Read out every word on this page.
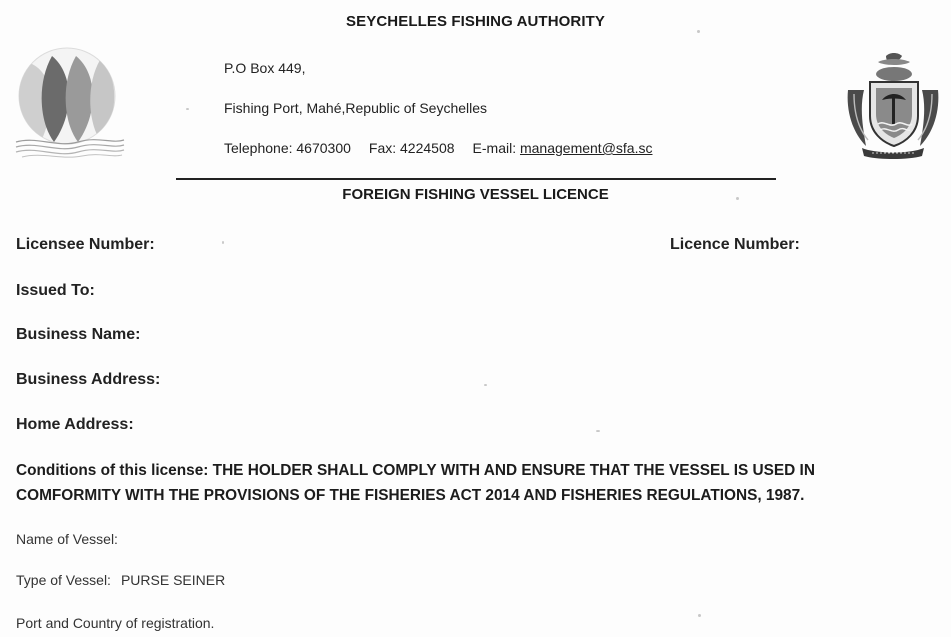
SEYCHELLES FISHING AUTHORITY
P.O Box 449,
Fishing Port, Mahé,Republic of Seychelles
Telephone: 4670300 Fax: 4224508 E-mail: management@sfa.sc
FOREIGN FISHING VESSEL LICENCE
Licensee Number:	Licence Number:
Issued To:
Business Name:
Business Address:
Home Address:
Conditions of this license: THE HOLDER SHALL COMPLY WITH AND ENSURE THAT THE VESSEL IS USED IN
COMFORMITY WITH THE PROVISIONS OF THE FISHERIES ACT 2014 AND FISHERIES REGULATIONS, 1987.
Name of Vessel:
Type of Vessel: PURSE SEINER
Port and Country of registration.
